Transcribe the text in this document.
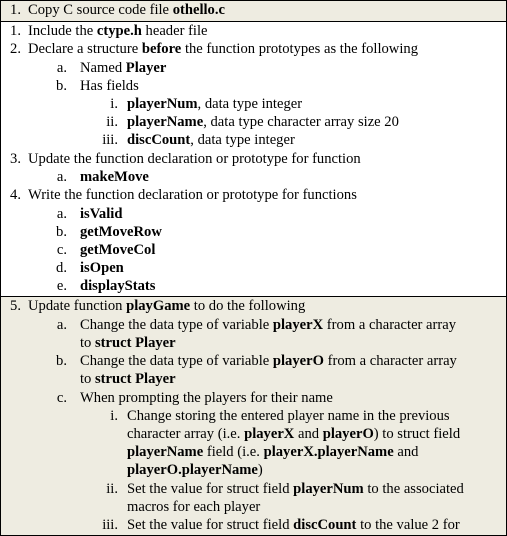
1. Copy C source code file othello.c
1. Include the ctype.h header file
2. Declare a structure before the function prototypes as the following
a. Named Player
b. Has fields
i. playerNum, data type integer
ii. playerName, data type character array size 20
iii. discCount, data type integer
3. Update the function declaration or prototype for function
a. makeMove
4. Write the function declaration or prototype for functions
a. isValid
b. getMoveRow
c. getMoveCol
d. isOpen
e. displayStats
5. Update function playGame to do the following
a. Change the data type of variable playerX from a character array
to struct Player
b. Change the data type of variable playerO from a character array
to struct Player
c. When prompting the players for their name
i. Change storing the entered player name in the previous
character array (i.e. playerX and playerO) to struct field
playerName field (i.e. playerX.playerName and
playerO.playerName)
ii. Set the value for struct field playerNum to the associated
macros for each player
iii. Set the value for struct field discCount to the value 2 for
